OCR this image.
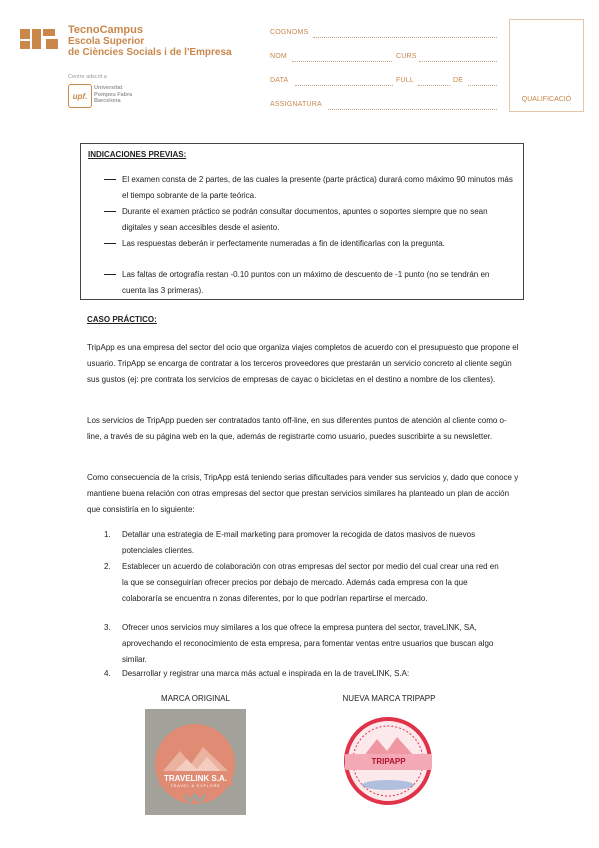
TecnoCampus
Escola Superior
de Ciències Socials i de l'Empresa
Centre adscrit a
upf.
Universitat
Pompeu Fabra
Barcelona
COGNOMS
NOM	CURS
DATA	FULL	DE
ASSIGNATURA
QUALIFICACIÓ
INDICACIONES PREVIAS:
El examen consta de 2 partes, de las cuales la presente (parte práctica) durará como máximo 90 minutos más el tiempo sobrante de la parte teórica.
Durante el examen práctico se podrán consultar documentos, apuntes o soportes siempre que no sean digitales y sean accesibles desde el asiento.
Las respuestas deberán ir perfectamente numeradas a fin de identificarlas con la pregunta.
Las faltas de ortografía restan -0.10 puntos con un máximo de descuento de -1 punto (no se tendrán en cuenta las 3 primeras).
CASO PRÁCTICO:
TripApp es una empresa del sector del ocio que organiza viajes completos de acuerdo con el presupuesto que propone el usuario. TripApp se encarga de contratar a los terceros proveedores que prestarán un servicio concreto al cliente según sus gustos (ej: pre contrata los servicios de empresas de cayac o bicicletas en el destino a nombre de los clientes).
Los servicios de TripApp pueden ser contratados tanto off-line, en sus diferentes puntos de atención al cliente como o-line, a través de su página web en la que, además de registrarte como usuario, puedes suscribirte a su newsletter.
Como consecuencia de la crisis, TripApp está teniendo serias dificultades para vender sus servicios y, dado que conoce y mantiene buena relación con otras empresas del sector que prestan servicios similares ha planteado un plan de acción que consistiría en lo siguiente:
1. Detallar una estrategia de E-mail marketing para promover la recogida de datos masivos de nuevos potenciales clientes.
2. Establecer un acuerdo de colaboración con otras empresas del sector por medio del cual crear una red en la que se conseguirían ofrecer precios por debajo de mercado. Además cada empresa con la que colaboraría se encuentra n zonas diferentes, por lo que podrían repartirse el mercado.
3. Ofrecer unos servicios muy similares a los que ofrece la empresa puntera del sector, traveLINK, SA, aprovechando el reconocimiento de esta empresa, para fomentar ventas entre usuarios que buscan algo similar.
4. Desarrollar y registrar una marca más actual e inspirada en la de traveLINK, S.A:
MARCA ORIGINAL	NUEVA MARCA TRIPAPP
TRAVELINK S.A.
TRAVEL & EXPLORE
TRIPAPP
